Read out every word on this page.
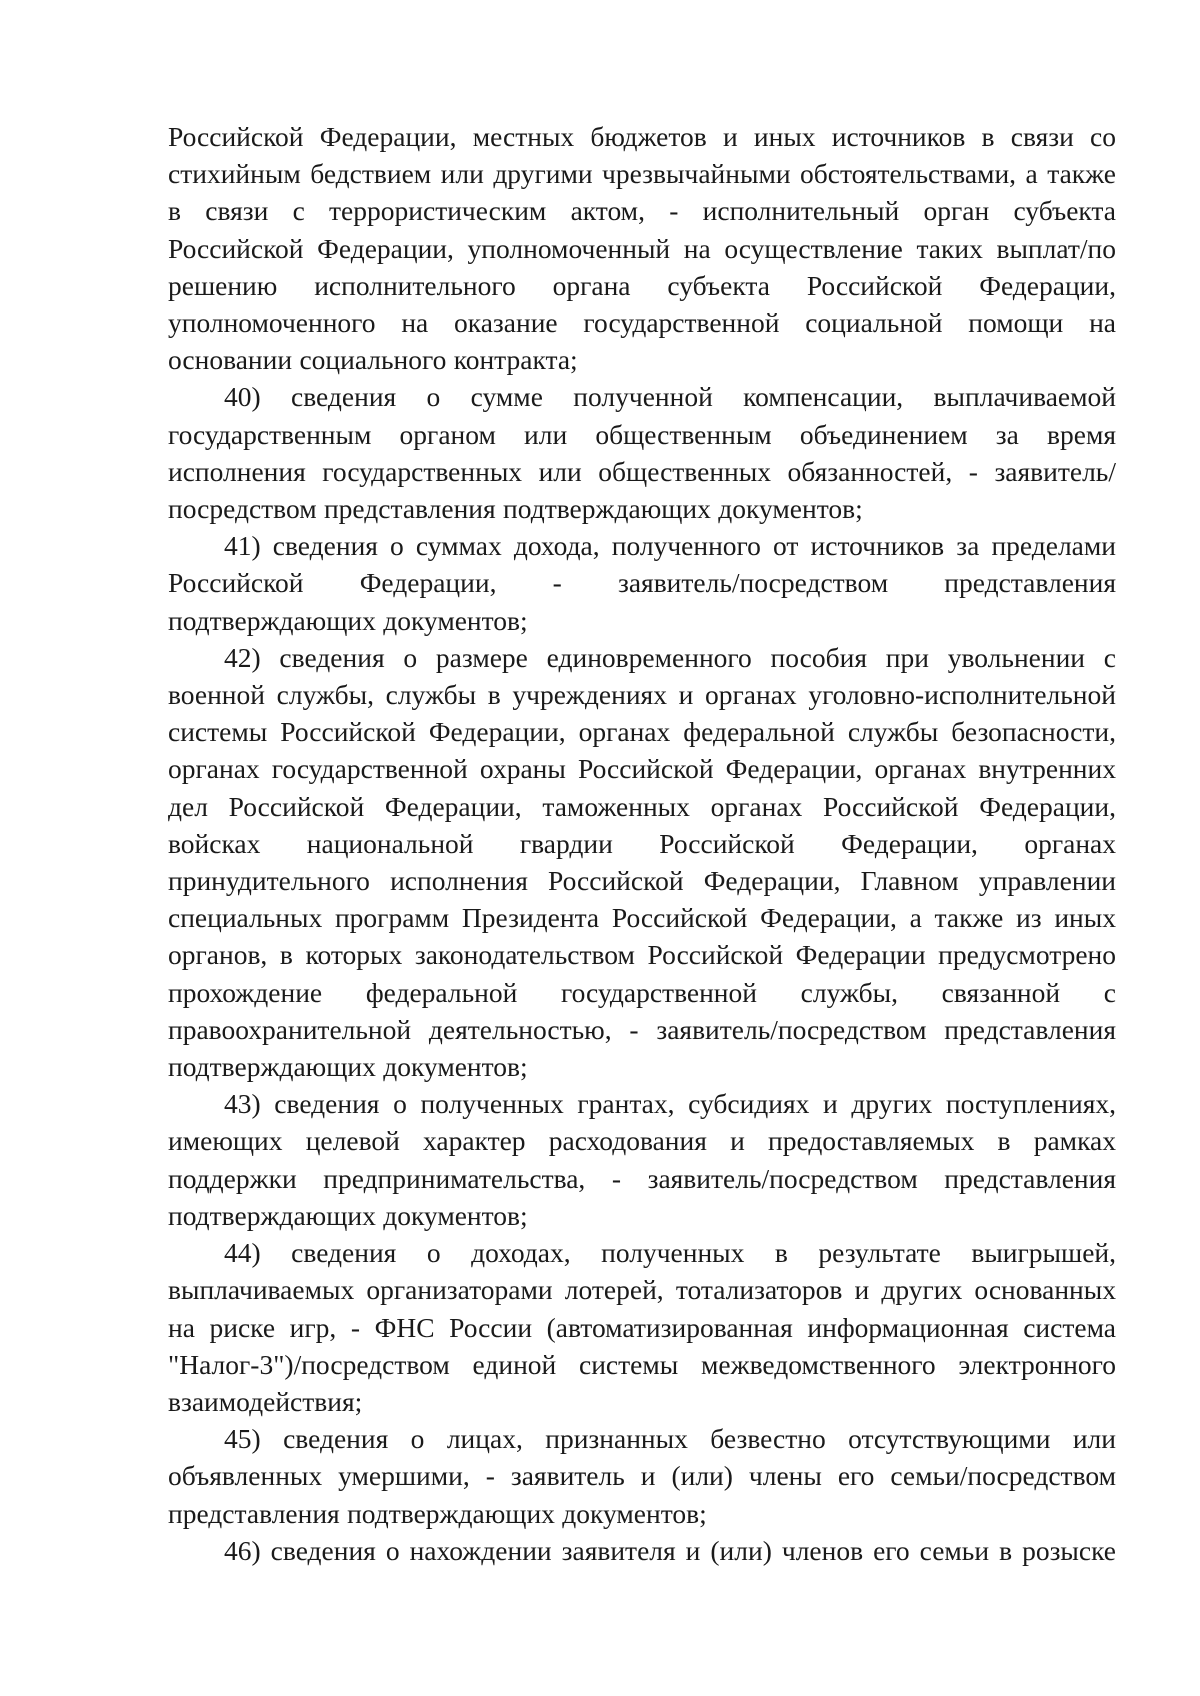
Российской Федерации, местных бюджетов и иных источников в связи со стихийным бедствием или другими чрезвычайными обстоятельствами, а также в связи с террористическим актом, - исполнительный орган субъекта Российской Федерации, уполномоченный на осуществление таких выплат/по решению исполнительного органа субъекта Российской Федерации, уполномоченного на оказание государственной социальной помощи на основании социального контракта;

40) сведения о сумме полученной компенсации, выплачиваемой государственным органом или общественным объединением за время исполнения государственных или общественных обязанностей, - заявитель/посредством представления подтверждающих документов;

41) сведения о суммах дохода, полученного от источников за пределами Российской Федерации, - заявитель/посредством представления подтверждающих документов;

42) сведения о размере единовременного пособия при увольнении с военной службы, службы в учреждениях и органах уголовно-исполнительной системы Российской Федерации, органах федеральной службы безопасности, органах государственной охраны Российской Федерации, органах внутренних дел Российской Федерации, таможенных органах Российской Федерации, войсках национальной гвардии Российской Федерации, органах принудительного исполнения Российской Федерации, Главном управлении специальных программ Президента Российской Федерации, а также из иных органов, в которых законодательством Российской Федерации предусмотрено прохождение федеральной государственной службы, связанной с правоохранительной деятельностью, - заявитель/посредством представления подтверждающих документов;

43) сведения о полученных грантах, субсидиях и других поступлениях, имеющих целевой характер расходования и предоставляемых в рамках поддержки предпринимательства, - заявитель/посредством представления подтверждающих документов;

44) сведения о доходах, полученных в результате выигрышей, выплачиваемых организаторами лотерей, тотализаторов и других основанных на риске игр, - ФНС России (автоматизированная информационная система "Налог-3")/посредством единой системы межведомственного электронного взаимодействия;

45) сведения о лицах, признанных безвестно отсутствующими или объявленных умершими, - заявитель и (или) члены его семьи/посредством представления подтверждающих документов;

46) сведения о нахождении заявителя и (или) членов его семьи в розыске
